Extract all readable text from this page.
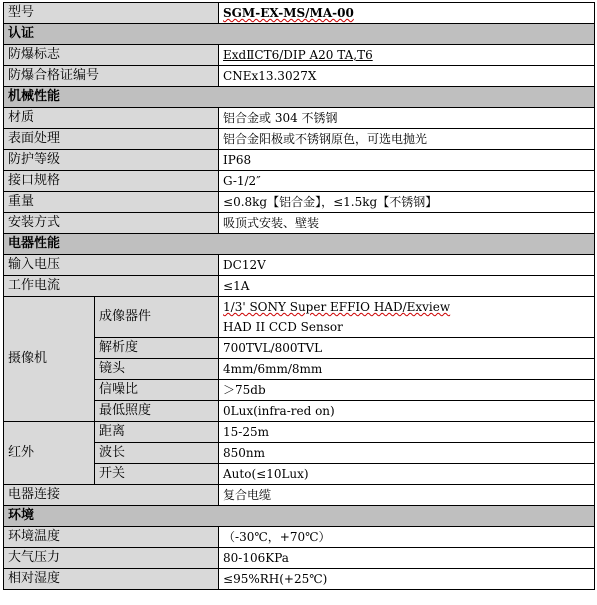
型号		SGM-EX-MS/MA-00
认证		
防爆标志		ExdⅡCT6/DIP A20 TA,T6
防爆合格证编号		CNEx13.3027X
机械性能		
材质		铝合金或 304 不锈钢
表面处理		铝合金阳极或不锈钢原色，可选电抛光
防护等级		IP68
接口规格		G-1/2″
重量		≤0.8kg【铝合金】，≤1.5kg【不锈钢】
安装方式		吸顶式安装、壁装
电器性能		
输入电压		DC12V
工作电流		≤1A
摄像机	成像器件	1/3' SONY Super EFFIO HAD/Exview
HAD II CCD Sensor

	解析度	700TVL/800TVL
	镜头	4mm/6mm/8mm
	信噪比	＞75db
	最低照度	0Lux(infra-red on)
红外	距离	15-25m
	波长	850nm
	开关	Auto(≤10Lux)
电器连接		复合电缆
环境		
环境温度		（-30℃，+70℃）
大气压力		80-106KPa
相对湿度		≤95%RH(+25℃)
